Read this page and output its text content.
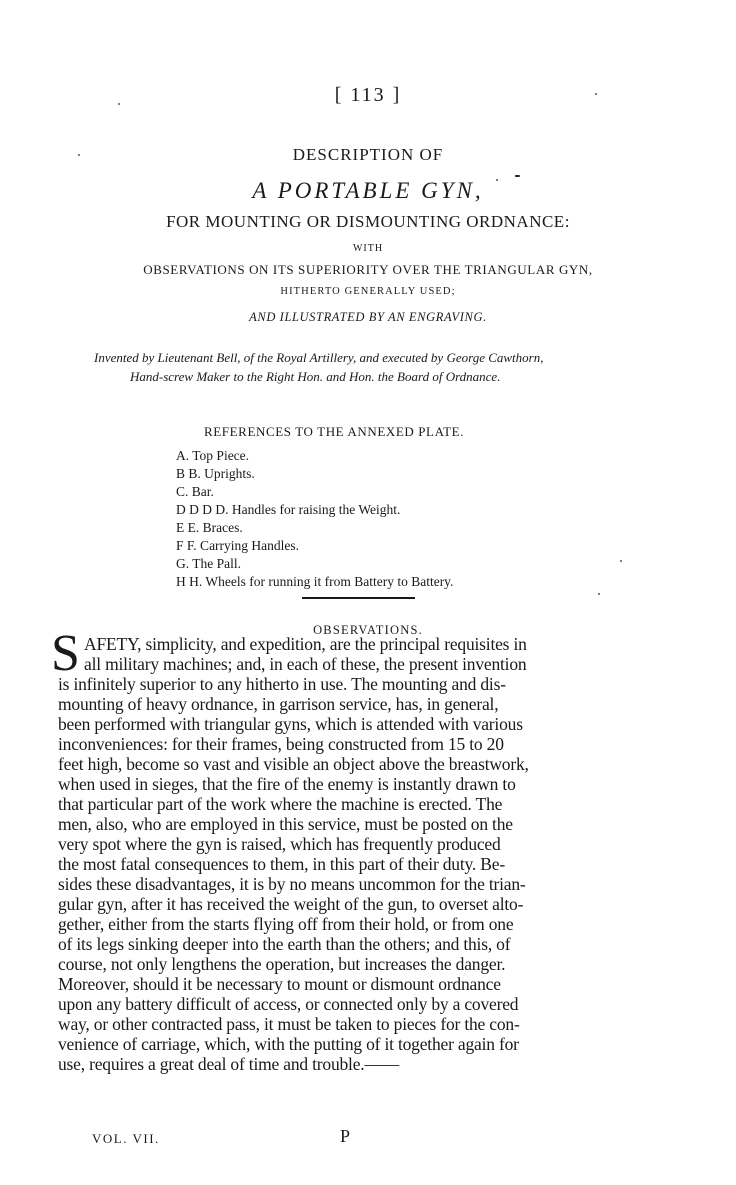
[ 113 ]
DESCRIPTION OF
A PORTABLE GYN,
FOR MOUNTING OR DISMOUNTING ORDNANCE:
WITH
OBSERVATIONS ON ITS SUPERIORITY OVER THE TRIANGULAR GYN,
HITHERTO GENERALLY USED;
AND ILLUSTRATED BY AN ENGRAVING.
Invented by Lieutenant Bell, of the Royal Artillery, and executed by George Cawthorn,
Hand-screw Maker to the Right Hon. and Hon. the Board of Ordnance.
REFERENCES TO THE ANNEXED PLATE.
A. Top Piece.
B B. Uprights.
C. Bar.
D D D D. Handles for raising the Weight.
E E. Braces.
F F. Carrying Handles.
G. The Pall.
H H. Wheels for running it from Battery to Battery.
OBSERVATIONS.
S AFETY, simplicity, and expedition, are the principal requisites in
all military machines; and, in each of these, the present invention
is infinitely superior to any hitherto in use. The mounting and dis-
mounting of heavy ordnance, in garrison service, has, in general,
been performed with triangular gyns, which is attended with various
inconveniences: for their frames, being constructed from 15 to 20
feet high, become so vast and visible an object above the breastwork,
when used in sieges, that the fire of the enemy is instantly drawn to
that particular part of the work where the machine is erected. The
men, also, who are employed in this service, must be posted on the
very spot where the gyn is raised, which has frequently produced
the most fatal consequences to them, in this part of their duty. Be-
sides these disadvantages, it is by no means uncommon for the trian-
gular gyn, after it has received the weight of the gun, to overset alto-
gether, either from the starts flying off from their hold, or from one
of its legs sinking deeper into the earth than the others; and this, of
course, not only lengthens the operation, but increases the danger.
Moreover, should it be necessary to mount or dismount ordnance
upon any battery difficult of access, or connected only by a covered
way, or other contracted pass, it must be taken to pieces for the con-
venience of carriage, which, with the putting of it together again for
use, requires a great deal of time and trouble.——
VOL. VII.	P
